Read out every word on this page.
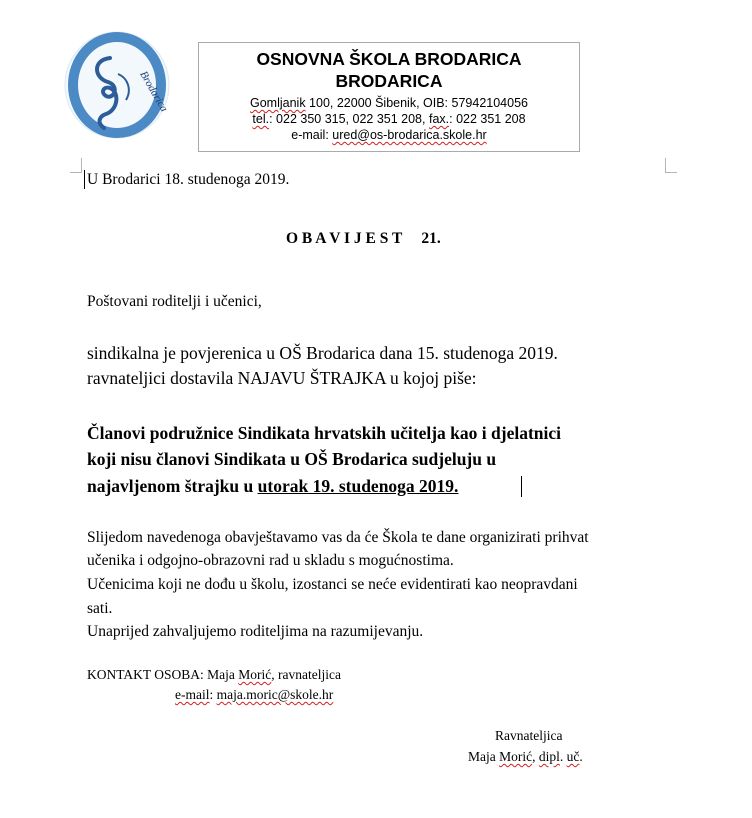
Brodarica
OSNOVNA ŠKOLA BRODARICA
BRODARICA
Gomljanik 100, 22000 Šibenik, OIB: 57942104056
tel.: 022 350 315, 022 351 208, fax.: 022 351 208
e-mail: ured@os-brodarica.skole.hr
U Brodarici 18. studenoga 2019.
O B A V I J E S T     21.
Poštovani roditelji i učenici,
sindikalna je povjerenica u OŠ Brodarica dana 15. studenoga 2019.
ravnateljici dostavila NAJAVU ŠTRAJKA u kojoj piše:
Članovi podružnice Sindikata hrvatskih učitelja kao i djelatnici
koji nisu članovi Sindikata u OŠ Brodarica sudjeluju u
najavljenom štrajku u utorak 19. studenoga 2019.
Slijedom navedenoga obavještavamo vas da će Škola te dane organizirati prihvat
učenika i odgojno-obrazovni rad u skladu s mogućnostima.
Učenicima koji ne dođu u školu, izostanci se neće evidentirati kao neopravdani
sati.
Unaprijed zahvaljujemo roditeljima na razumijevanju.
KONTAKT OSOBA: Maja Morić, ravnateljica
e-mail: maja.moric@skole.hr
Ravnateljica
Maja Morić, dipl. uč.
